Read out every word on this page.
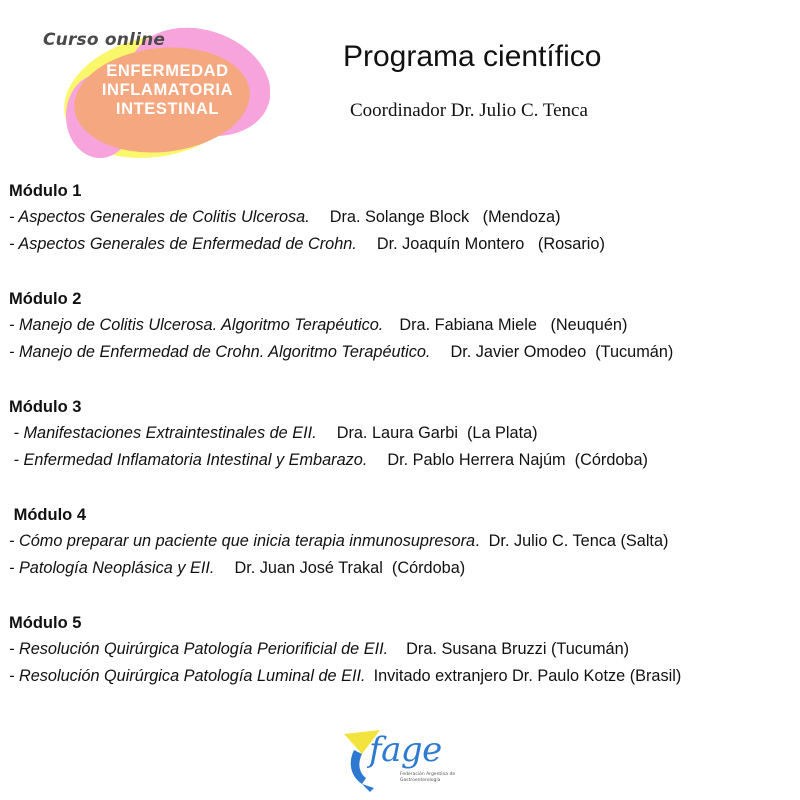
Curso online
ENFERMEDAD
INFLAMATORIA
INTESTINAL
Programa científico
Coordinador Dr. Julio C. Tenca
Módulo 1
- Aspectos Generales de Colitis Ulcerosa. Dra. Solange Block   (Mendoza)
- Aspectos Generales de Enfermedad de Crohn. Dr. Joaquín Montero   (Rosario)
Módulo 2
- Manejo de Colitis Ulcerosa. Algoritmo Terapéutico. Dra. Fabiana Miele   (Neuquén)
- Manejo de Enfermedad de Crohn. Algoritmo Terapéutico. Dr. Javier Omodeo  (Tucumán)
Módulo 3
- Manifestaciones Extraintestinales de EII. Dra. Laura Garbi  (La Plata)
- Enfermedad Inflamatoria Intestinal y Embarazo. Dr. Pablo Herrera Najúm  (Córdoba)
Módulo 4
- Cómo preparar un paciente que inicia terapia inmunosupresora.  Dr. Julio C. Tenca (Salta)
- Patología Neoplásica y EII. Dr. Juan José Trakal  (Córdoba)
Módulo 5
- Resolución Quirúrgica Patología Periorificial de EII. Dra. Susana Bruzzi (Tucumán)
- Resolución Quirúrgica Patología Luminal de EII. Invitado extranjero Dr. Paulo Kotze (Brasil)
fage
Federación Argentina de Gastroenterología
